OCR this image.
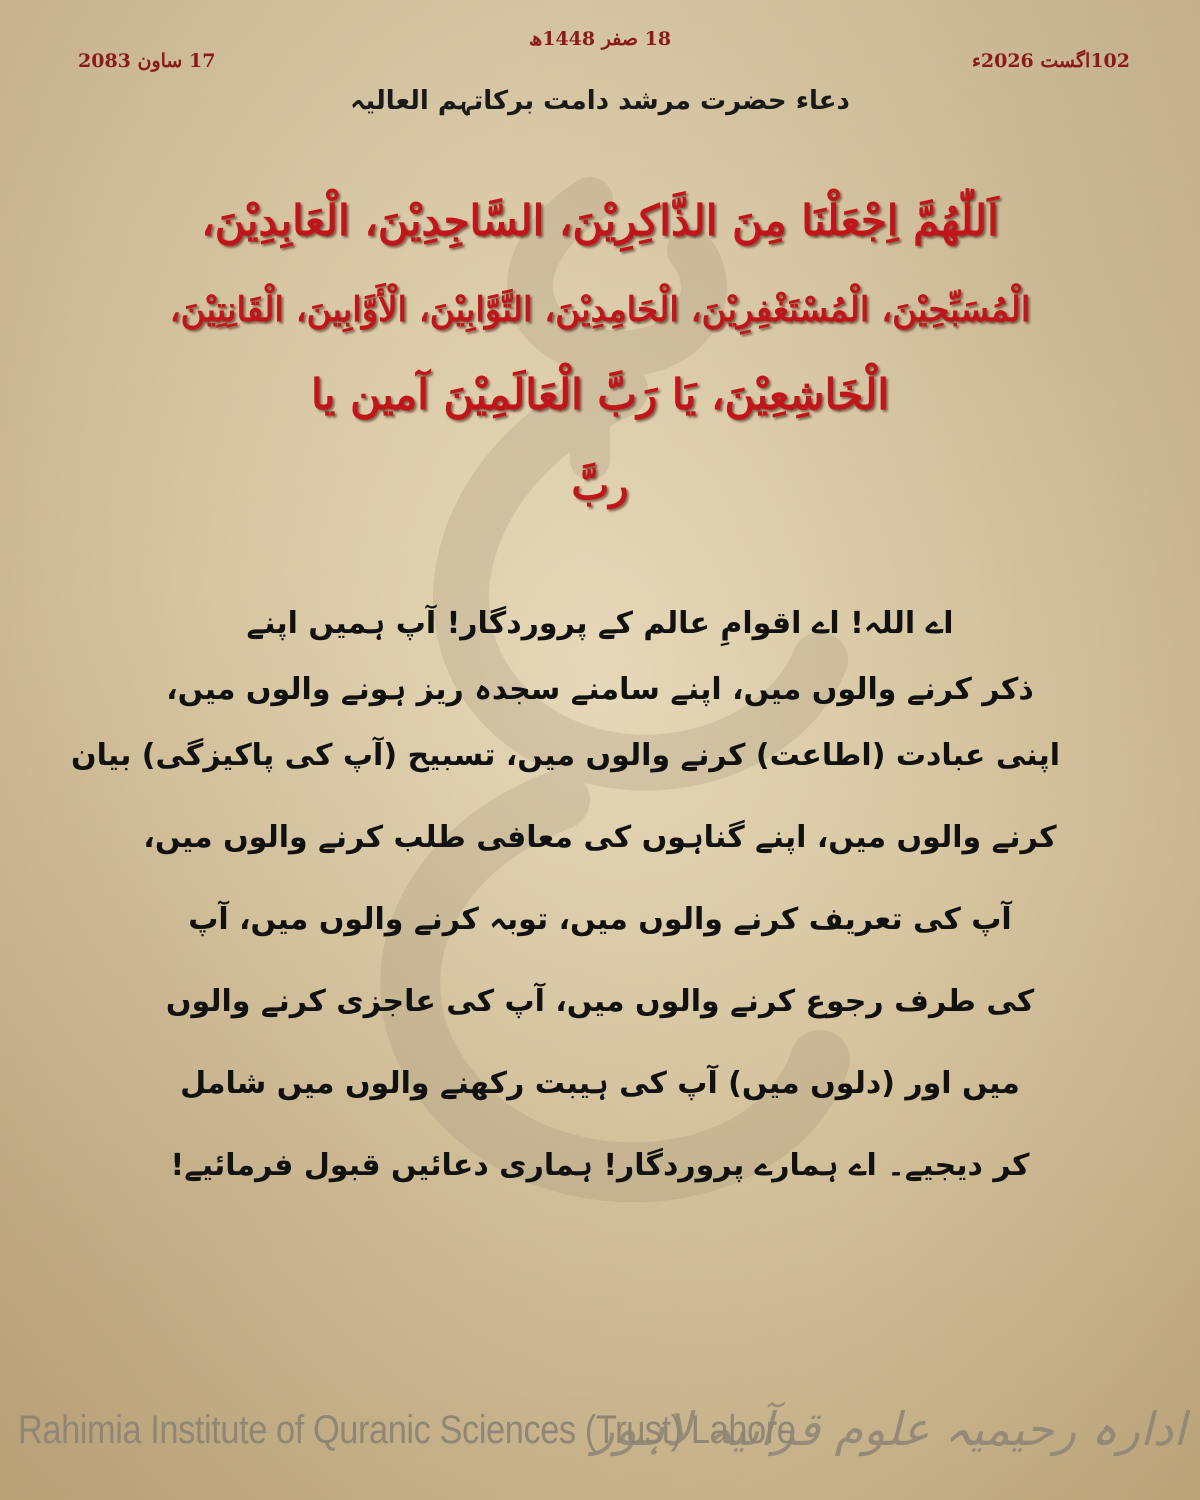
18 صفر 1448ھ
102اگست 2026ء
17 ساون 2083
دعاء حضرت مرشد دامت برکاتہم العالیہ
اَللّٰھُمَّ اِجْعَلْنَا مِنَ الذَّاکِرِیْنَ، السَّاجِدِیْنَ، الْعَابِدِیْنَ،
الْمُسَبِّحِیْنَ، الْمُسْتَغْفِرِیْنَ، الْحَامِدِیْنَ، التَّوَّابِیْنَ، الْأَوَّابِینَ، الْقَانِتِیْنَ،
الْخَاشِعِیْنَ، یَا رَبَّ الْعَالَمِیْنَ آمین یا
ربَّ
اے اللہ! اے اقوامِ عالم کے پروردگار! آپ ہمیں اپنے
ذکر کرنے والوں میں، اپنے سامنے سجدہ ریز ہونے والوں میں،
اپنی عبادت (اطاعت) کرنے والوں میں، تسبیح (آپ کی پاکیزگی) بیان
کرنے والوں میں، اپنے گناہوں کی معافی طلب کرنے والوں میں،
آپ کی تعریف کرنے والوں میں، توبہ کرنے والوں میں، آپ
کی طرف رجوع کرنے والوں میں، آپ کی عاجزی کرنے والوں
میں اور (دلوں میں) آپ کی ہیبت رکھنے والوں میں شامل
کر دیجیے۔ اے ہمارے پروردگار! ہماری دعائیں قبول فرمائیے!
Rahimia Institute of Quranic Sciences (Trust) Lahore
ادارہ رحیمیہ علوم قرآنیہ لاہور
